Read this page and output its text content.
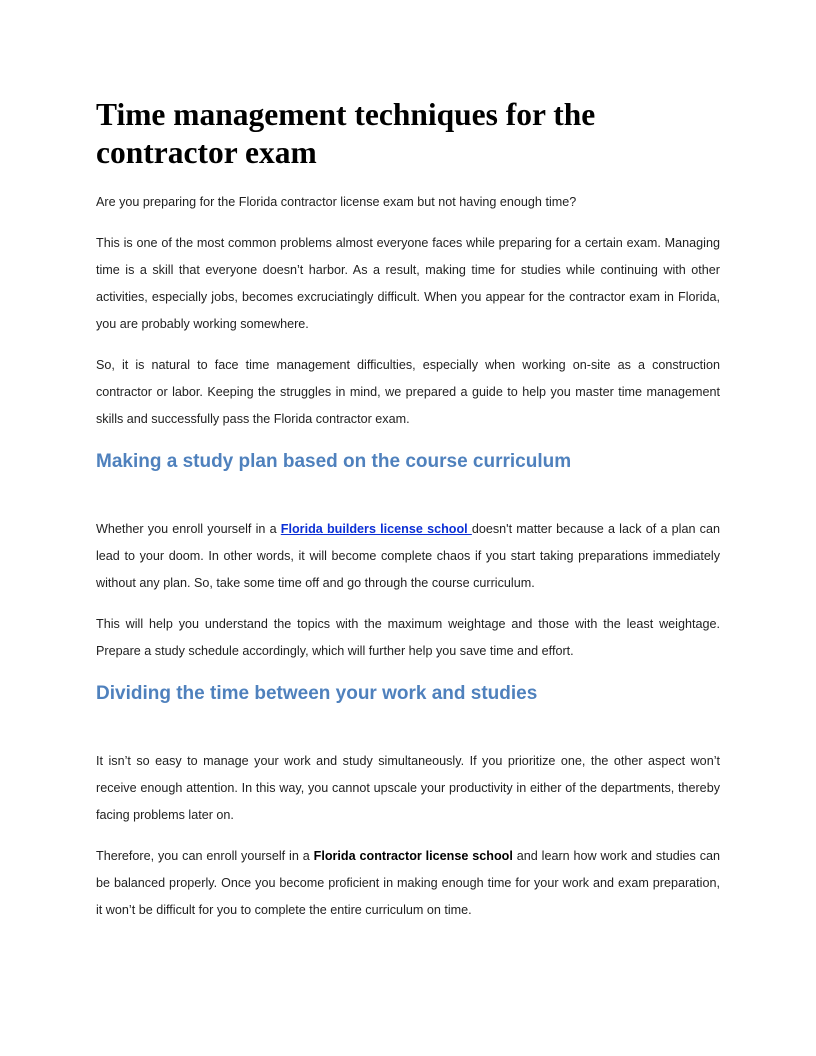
Time management techniques for the contractor exam

Are you preparing for the Florida contractor license exam but not having enough time?

This is one of the most common problems almost everyone faces while preparing for a certain exam. Managing time is a skill that everyone doesn’t harbor. As a result, making time for studies while continuing with other activities, especially jobs, becomes excruciatingly difficult. When you appear for the contractor exam in Florida, you are probably working somewhere.

So, it is natural to face time management difficulties, especially when working on-site as a construction contractor or labor. Keeping the struggles in mind, we prepared a guide to help you master time management skills and successfully pass the Florida contractor exam.

Making a study plan based on the course curriculum

Whether you enroll yourself in a Florida builders license school doesn't matter because a lack of a plan can lead to your doom. In other words, it will become complete chaos if you start taking preparations immediately without any plan. So, take some time off and go through the course curriculum.

This will help you understand the topics with the maximum weightage and those with the least weightage. Prepare a study schedule accordingly, which will further help you save time and effort.

Dividing the time between your work and studies

It isn’t so easy to manage your work and study simultaneously. If you prioritize one, the other aspect won’t receive enough attention. In this way, you cannot upscale your productivity in either of the departments, thereby facing problems later on.

Therefore, you can enroll yourself in a Florida contractor license school and learn how work and studies can be balanced properly. Once you become proficient in making enough time for your work and exam preparation, it won’t be difficult for you to complete the entire curriculum on time.
